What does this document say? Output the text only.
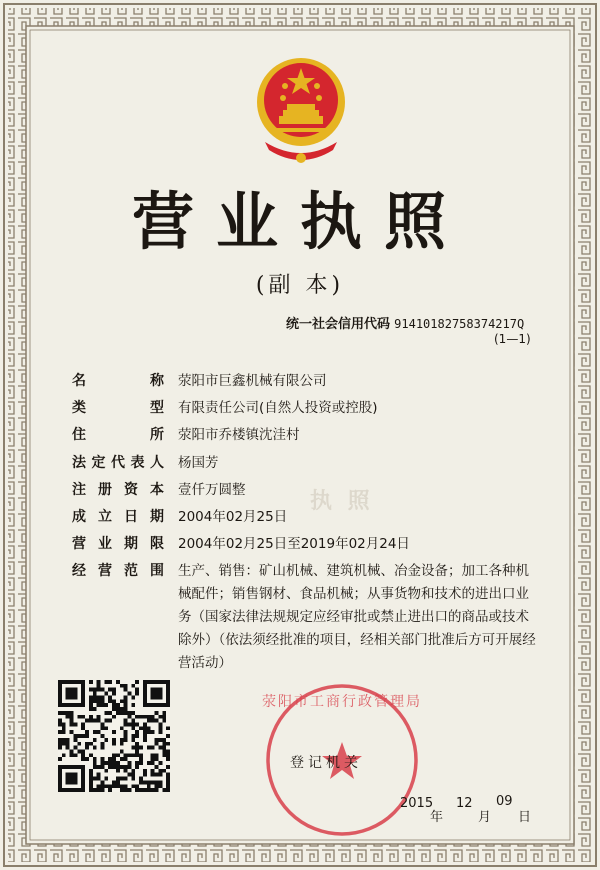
营业执照
(副 本)
统一社会信用代码 91410182758374217Q
(1—1)
执 照
名称 荥阳市巨鑫机械有限公司
类型 有限责任公司(自然人投资或控股)
住所 荥阳市乔楼镇沈洼村
法定代表人 杨国芳
注册资本 壹仟万圆整
成立日期 2004年02月25日
营业期限 2004年02月25日至2019年02月24日
经营范围 生产、销售：矿山机械、建筑机械、冶金设备；加工各种机械配件；销售钢材、食品机械；从事货物和技术的进出口业务（国家法律法规规定应经审批或禁止进出口的商品或技术除外）（依法须经批准的项目，经相关部门批准后方可开展经营活动）
荥阳市工商行政管理局
登记机关
2015
年
12
月
09
日
